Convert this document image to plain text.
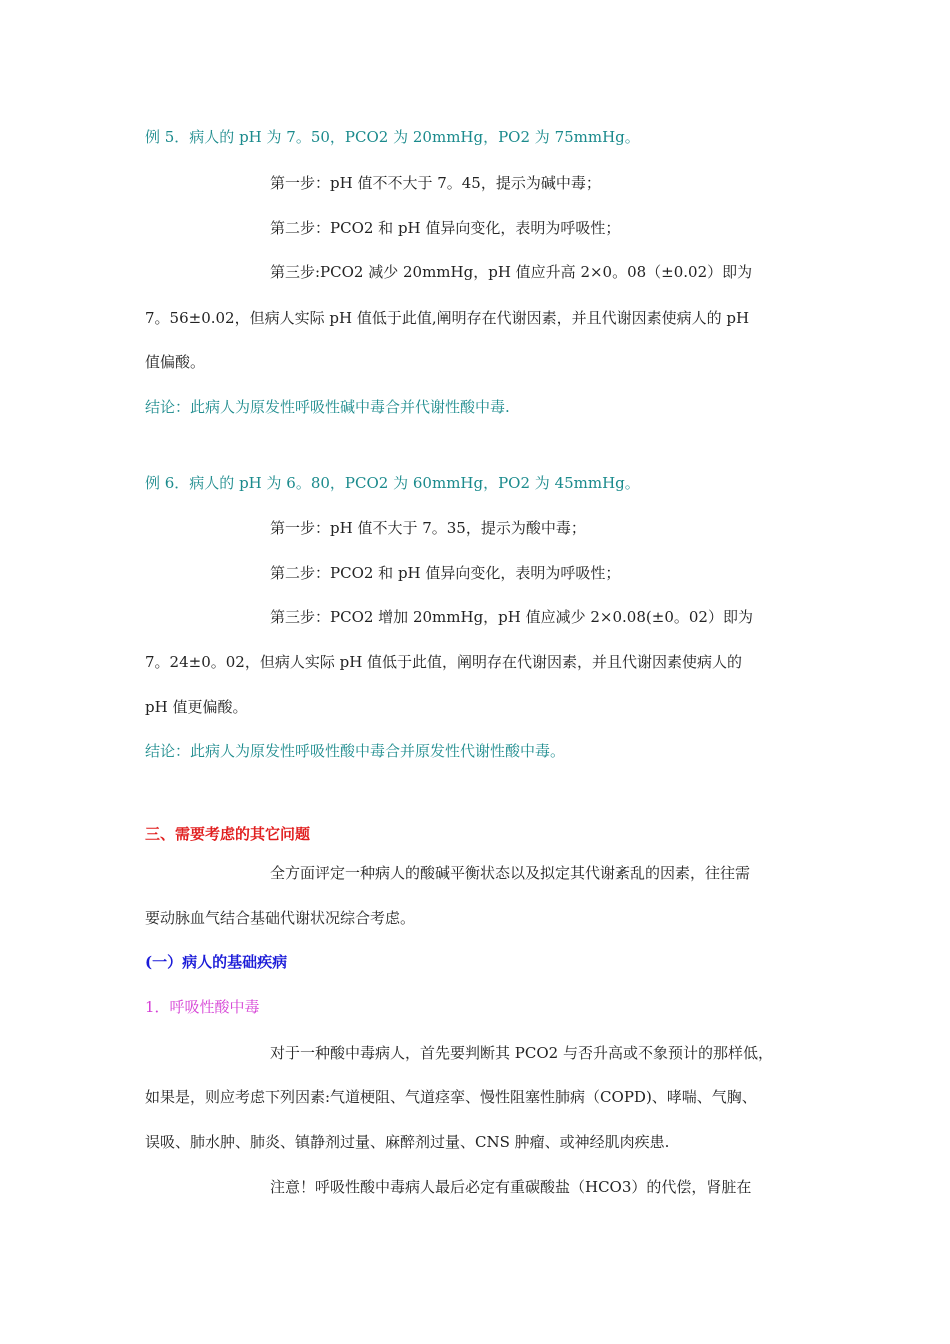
例 5．病人的 pH 为 7。50，PCO2 为 20mmHg，PO2 为 75mmHg。

第一步：pH 值不不大于 7。45，提示为碱中毒；

第二步：PCO2 和 pH 值异向变化，表明为呼吸性；

第三步:PCO2 减少 20mmHg，pH 值应升高 2×0。08（±0.02）即为

7。56±0.02，但病人实际 pH 值低于此值,阐明存在代谢因素，并且代谢因素使病人的 pH

值偏酸。

结论：此病人为原发性呼吸性碱中毒合并代谢性酸中毒.

例 6．病人的 pH 为 6。80，PCO2 为 60mmHg，PO2 为 45mmHg。

第一步：pH 值不大于 7。35，提示为酸中毒；

第二步：PCO2 和 pH 值异向变化，表明为呼吸性；

第三步：PCO2 增加 20mmHg，pH 值应减少 2×0.08(±0。02）即为

7。24±0。02，但病人实际 pH 值低于此值，阐明存在代谢因素，并且代谢因素使病人的

pH 值更偏酸。

结论：此病人为原发性呼吸性酸中毒合并原发性代谢性酸中毒。

三、需要考虑的其它问题

全方面评定一种病人的酸碱平衡状态以及拟定其代谢紊乱的因素，往往需

要动脉血气结合基础代谢状况综合考虑。

(一）病人的基础疾病

1．呼吸性酸中毒

对于一种酸中毒病人，首先要判断其 PCO2 与否升高或不象预计的那样低，

如果是，则应考虑下列因素:气道梗阻、气道痉挛、慢性阻塞性肺病（COPD)、哮喘、气胸、

误吸、肺水肿、肺炎、镇静剂过量、麻醉剂过量、CNS 肿瘤、或神经肌肉疾患.

注意！呼吸性酸中毒病人最后必定有重碳酸盐（HCO3）的代偿，肾脏在
